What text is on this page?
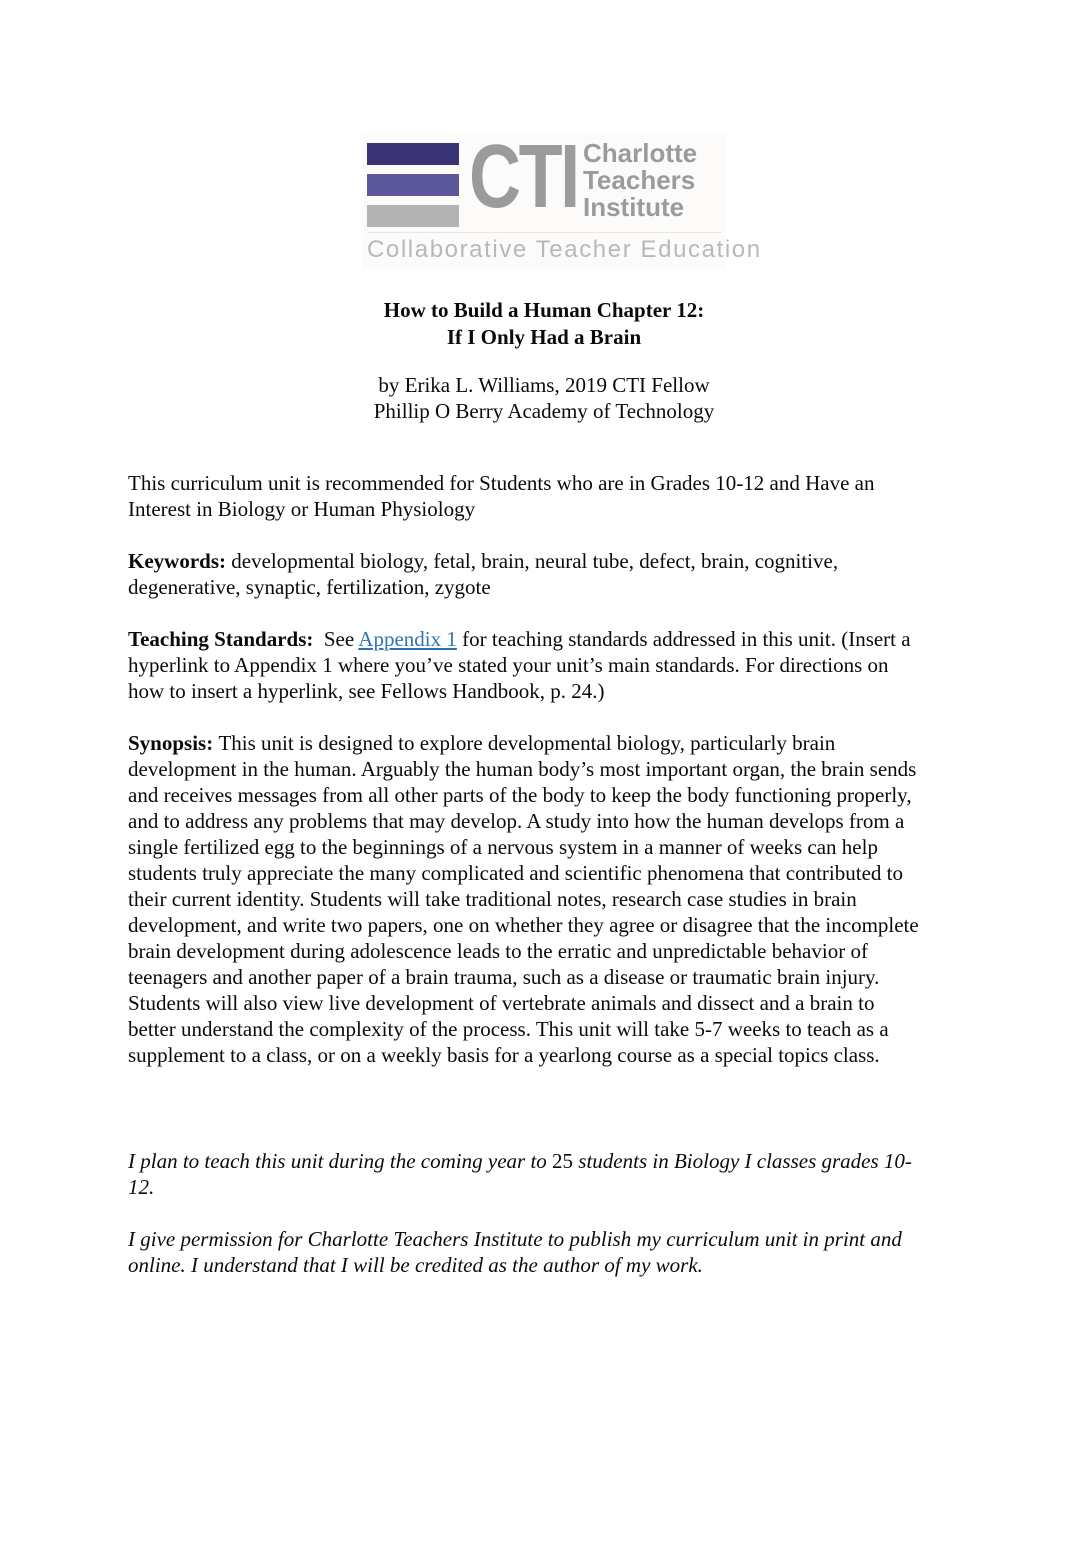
CTI Charlotte
Teachers
Institute
Collaborative Teacher Education
How to Build a Human Chapter 12:
If I Only Had a Brain
by Erika L. Williams, 2019 CTI Fellow
Phillip O Berry Academy of Technology

This curriculum unit is recommended for Students who are in Grades 10-12 and Have an Interest in Biology or Human Physiology

Keywords: developmental biology, fetal, brain, neural tube, defect, brain, cognitive, degenerative, synaptic, fertilization, zygote

Teaching Standards:  See Appendix 1 for teaching standards addressed in this unit. (Insert a hyperlink to Appendix 1 where you’ve stated your unit’s main standards. For directions on how to insert a hyperlink, see Fellows Handbook, p. 24.)

Synopsis: This unit is designed to explore developmental biology, particularly brain development in the human. Arguably the human body’s most important organ, the brain sends and receives messages from all other parts of the body to keep the body functioning properly, and to address any problems that may develop. A study into how the human develops from a single fertilized egg to the beginnings of a nervous system in a manner of weeks can help students truly appreciate the many complicated and scientific phenomena that contributed to their current identity. Students will take traditional notes, research case studies in brain development, and write two papers, one on whether they agree or disagree that the incomplete brain development during adolescence leads to the erratic and unpredictable behavior of teenagers and another paper of a brain trauma, such as a disease or traumatic brain injury. Students will also view live development of vertebrate animals and dissect and a brain to better understand the complexity of the process. This unit will take 5-7 weeks to teach as a supplement to a class, or on a weekly basis for a yearlong course as a special topics class.

I plan to teach this unit during the coming year to 25 students in Biology I classes grades 10-12.

I give permission for Charlotte Teachers Institute to publish my curriculum unit in print and online. I understand that I will be credited as the author of my work.
